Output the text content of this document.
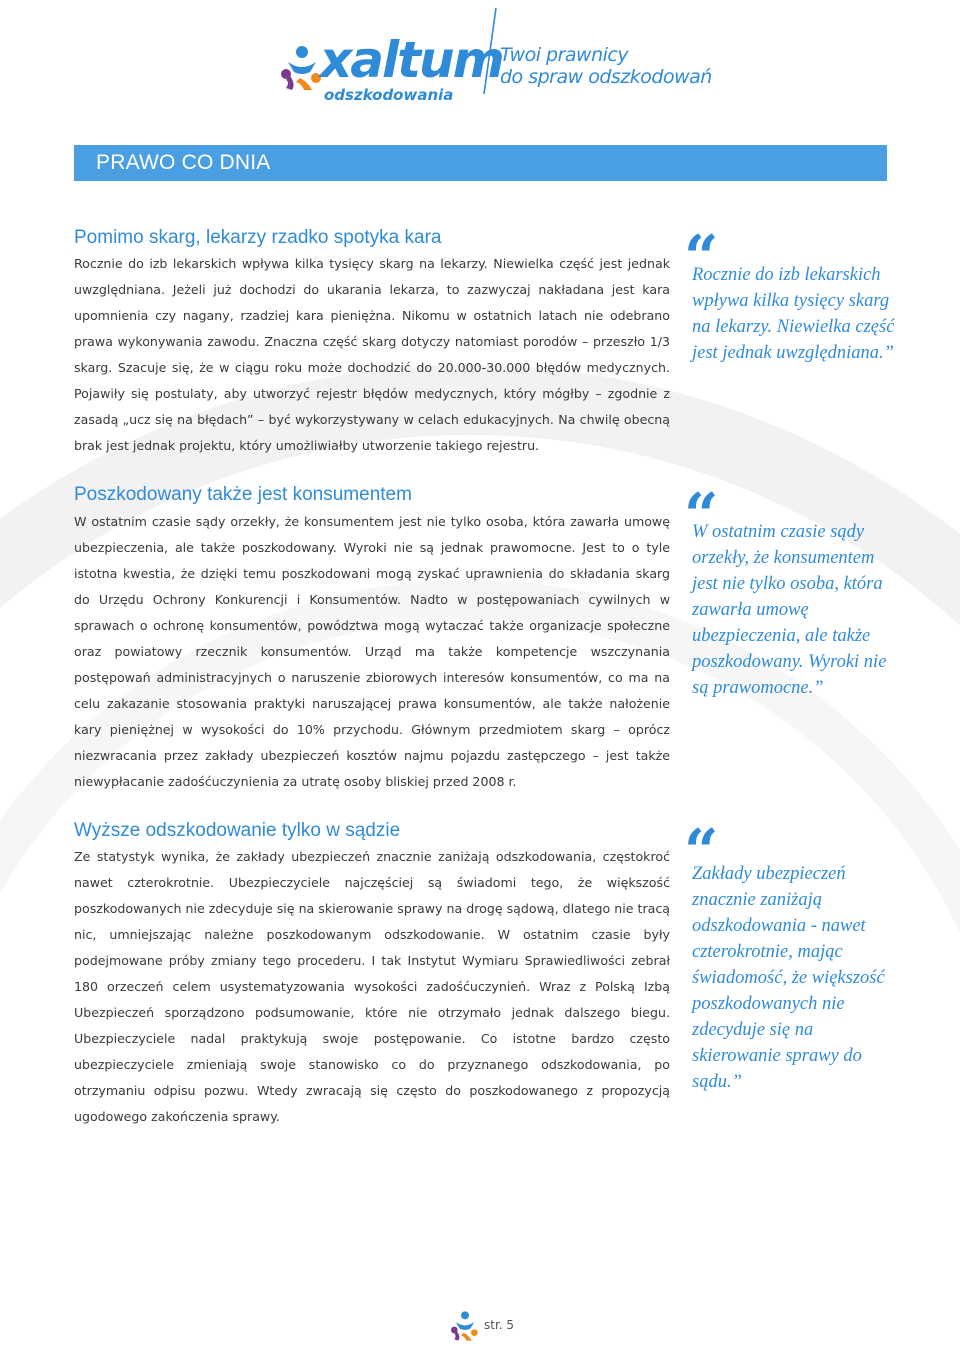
xaltum
odszkodowania
Twoi prawnicy
do spraw odszkodowań
PRAWO CO DNIA
Pomimo skarg, lekarzy rzadko spotyka kara
Rocznie do izb lekarskich wpływa kilka tysięcy skarg na lekarzy. Niewielka część jest jednak uwzględniana. Jeżeli już dochodzi do ukarania lekarza, to zazwyczaj nakładana jest kara upomnienia czy nagany, rzadziej kara pieniężna. Nikomu w ostatnich latach nie odebrano prawa wykonywania zawodu. Znaczna część skarg dotyczy natomiast porodów – przeszło 1/3 skarg. Szacuje się, że w ciągu roku może dochodzić do 20.000-30.000 błędów medycznych. Pojawiły się postulaty, aby utworzyć rejestr błędów medycznych, który mógłby – zgodnie z zasadą „ucz się na błędach” – być wykorzystywany w celach edukacyjnych. Na chwilę obecną brak jest jednak projektu, który umożliwiałby utworzenie takiego rejestru.
“
Rocznie do izb lekarskich wpływa kilka tysięcy skarg na lekarzy. Niewielka część jest jednak uwzględniana.”
Poszkodowany także jest konsumentem
W ostatnim czasie sądy orzekły, że konsumentem jest nie tylko osoba, która zawarła umowę ubezpieczenia, ale także poszkodowany. Wyroki nie są jednak prawomocne. Jest to o tyle istotna kwestia, że dzięki temu poszkodowani mogą zyskać uprawnienia do składania skarg do Urzędu Ochrony Konkurencji i Konsumentów. Nadto w postępowaniach cywilnych w sprawach o ochronę konsumentów, powództwa mogą wytaczać także organizacje społeczne oraz powiatowy rzecznik konsumentów. Urząd ma także kompetencje wszczynania postępowań administracyjnych o naruszenie zbiorowych interesów konsumentów, co ma na celu zakazanie stosowania praktyki naruszającej prawa konsumentów, ale także nałożenie kary pieniężnej w wysokości do 10% przychodu. Głównym przedmiotem skarg – oprócz niezwracania przez zakłady ubezpieczeń kosztów najmu pojazdu zastępczego – jest także niewypłacanie zadośćuczynienia za utratę osoby bliskiej przed 2008 r.
“
W ostatnim czasie sądy orzekły, że konsumentem jest nie tylko osoba, która zawarła umowę ubezpieczenia, ale także poszkodowany. Wyroki nie są prawomocne.”
Wyższe odszkodowanie tylko w sądzie
Ze statystyk wynika, że zakłady ubezpieczeń znacznie zaniżają odszkodowania, częstokroć nawet czterokrotnie. Ubezpieczyciele najczęściej są świadomi tego, że większość poszkodowanych nie zdecyduje się na skierowanie sprawy na drogę sądową, dlatego nie tracą nic, umniejszając należne poszkodowanym odszkodowanie. W ostatnim czasie były podejmowane próby zmiany tego procederu. I tak Instytut Wymiaru Sprawiedliwości zebrał 180 orzeczeń celem usystematyzowania wysokości zadośćuczynień. Wraz z Polską Izbą Ubezpieczeń sporządzono podsumowanie, które nie otrzymało jednak dalszego biegu. Ubezpieczyciele nadal praktykują swoje postępowanie. Co istotne bardzo często ubezpieczyciele zmieniają swoje stanowisko co do przyznanego odszkodowania, po otrzymaniu odpisu pozwu. Wtedy zwracają się często do poszkodowanego z propozycją ugodowego zakończenia sprawy.
“
Zakłady ubezpieczeń znacznie zaniżają odszkodowania - nawet czterokrotnie, mając świadomość, że większość poszkodowanych nie zdecyduje się na skierowanie sprawy do sądu.”
str. 5
